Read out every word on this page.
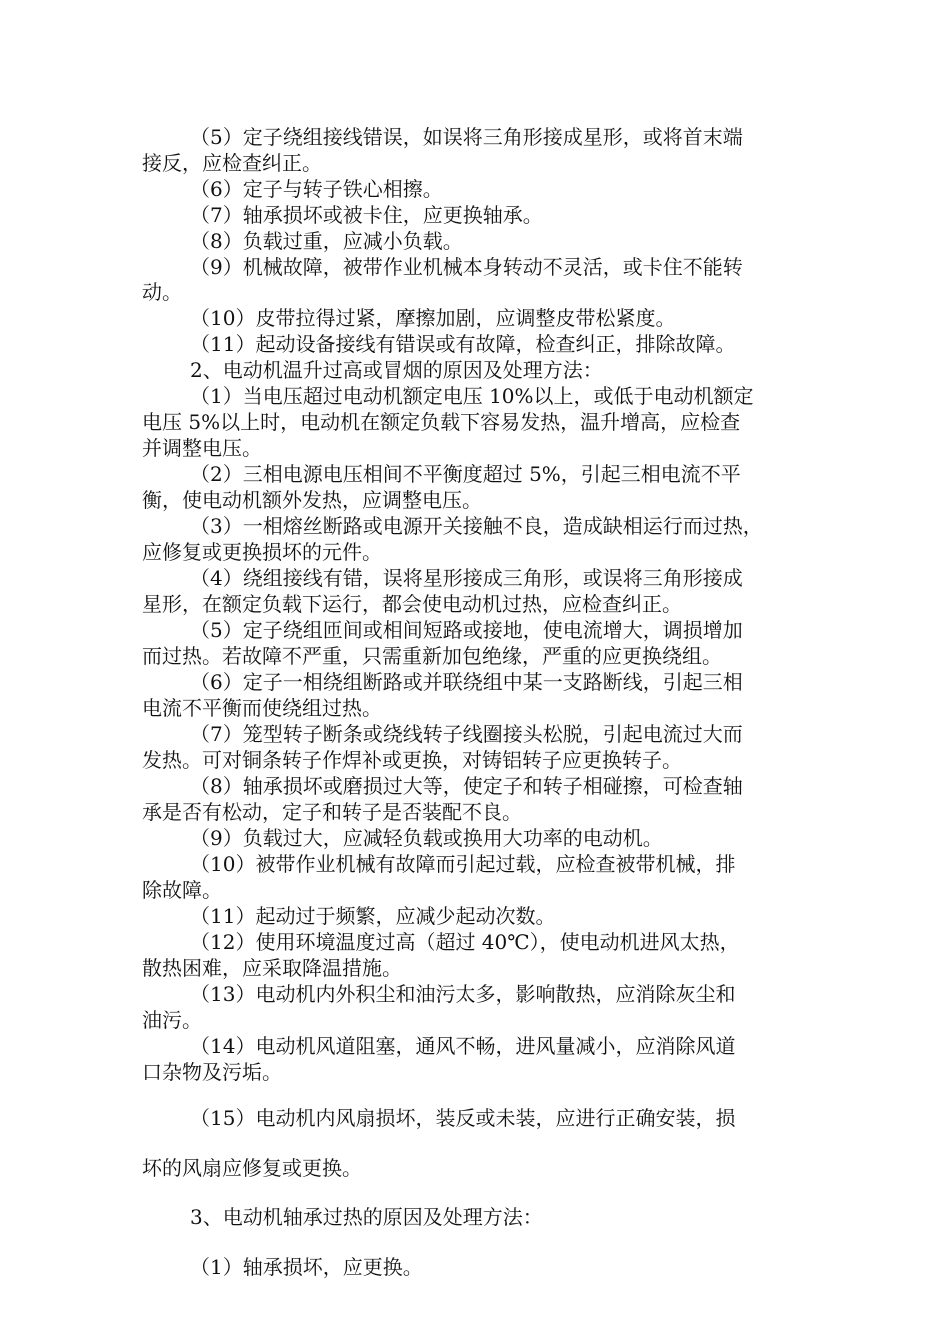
（5）定子绕组接线错误，如误将三角形接成星形，或将首末端
接反，应检查纠正。
（6）定子与转子铁心相擦。
（7）轴承损坏或被卡住，应更换轴承。
（8）负载过重，应减小负载。
（9）机械故障，被带作业机械本身转动不灵活，或卡住不能转
动。
（10）皮带拉得过紧，摩擦加剧，应调整皮带松紧度。
（11）起动设备接线有错误或有故障，检查纠正，排除故障。
2、电动机温升过高或冒烟的原因及处理方法：
（1）当电压超过电动机额定电压 10%以上，或低于电动机额定
电压 5%以上时，电动机在额定负载下容易发热，温升增高，应检查
并调整电压。
（2）三相电源电压相间不平衡度超过 5%，引起三相电流不平
衡，使电动机额外发热，应调整电压。
（3）一相熔丝断路或电源开关接触不良，造成缺相运行而过热，
应修复或更换损坏的元件。
（4）绕组接线有错，误将星形接成三角形，或误将三角形接成
星形，在额定负载下运行，都会使电动机过热，应检查纠正。
（5）定子绕组匝间或相间短路或接地，使电流增大，调损增加
而过热。若故障不严重，只需重新加包绝缘，严重的应更换绕组。
（6）定子一相绕组断路或并联绕组中某一支路断线，引起三相
电流不平衡而使绕组过热。
（7）笼型转子断条或绕线转子线圈接头松脱，引起电流过大而
发热。可对铜条转子作焊补或更换，对铸铝转子应更换转子。
（8）轴承损坏或磨损过大等，使定子和转子相碰擦，可检查轴
承是否有松动，定子和转子是否装配不良。
（9）负载过大，应减轻负载或换用大功率的电动机。
（10）被带作业机械有故障而引起过载，应检查被带机械，排
除故障。
（11）起动过于频繁，应减少起动次数。
（12）使用环境温度过高（超过 40℃），使电动机进风太热，
散热困难，应采取降温措施。
（13）电动机内外积尘和油污太多，影响散热，应消除灰尘和
油污。
（14）电动机风道阻塞，通风不畅，进风量减小，应消除风道
口杂物及污垢。
（15）电动机内风扇损坏，装反或未装，应进行正确安装，损
坏的风扇应修复或更换。
3、电动机轴承过热的原因及处理方法：
（1）轴承损坏，应更换。
